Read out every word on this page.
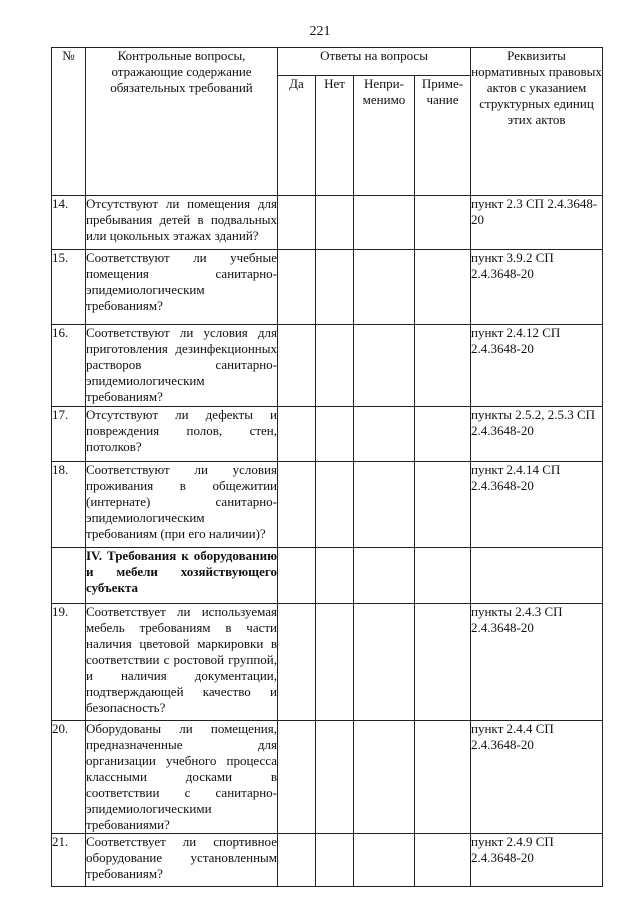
221
№	Контрольные вопросы, отражающие содержание обязательных требований	Ответы на вопросы				Реквизиты нормативных правовых актов с указанием структурных единиц этих актов
		Да	Нет	Непри-менимо	Приме-чание	
14.	Отсутствуют ли помещения для пребывания детей в подвальных или цокольных этажах зданий?					пункт 2.3 СП 2.4.3648-20
15.	Соответствуют ли учебные помещения санитарно-эпидемиологическим требованиям?					пункт 3.9.2 СП 2.4.3648-20
16.	Соответствуют ли условия для приготовления дезинфекционных растворов санитарно-эпидемиологическим требованиям?					пункт 2.4.12 СП 2.4.3648-20
17.	Отсутствуют ли дефекты и повреждения полов, стен, потолков?					пункты 2.5.2, 2.5.3 СП 2.4.3648-20
18.	Соответствуют ли условия проживания в общежитии (интернате) санитарно-эпидемиологическим требованиям (при его наличии)?					пункт 2.4.14 СП 2.4.3648-20
	IV. Требования к оборудованию и мебели хозяйствующего субъекта					
19.	Соответствует ли используемая мебель требованиям в части наличия цветовой маркировки в соответствии с ростовой группой, и наличия документации, подтверждающей качество и безопасность?					пункты 2.4.3 СП 2.4.3648-20
20.	Оборудованы ли помещения, предназначенные для организации учебного процесса классными досками в соответствии с санитарно-эпидемиологическими требованиями?					пункт 2.4.4 СП 2.4.3648-20
21.	Соответствует ли спортивное оборудование установленным требованиям?					пункт 2.4.9 СП 2.4.3648-20
